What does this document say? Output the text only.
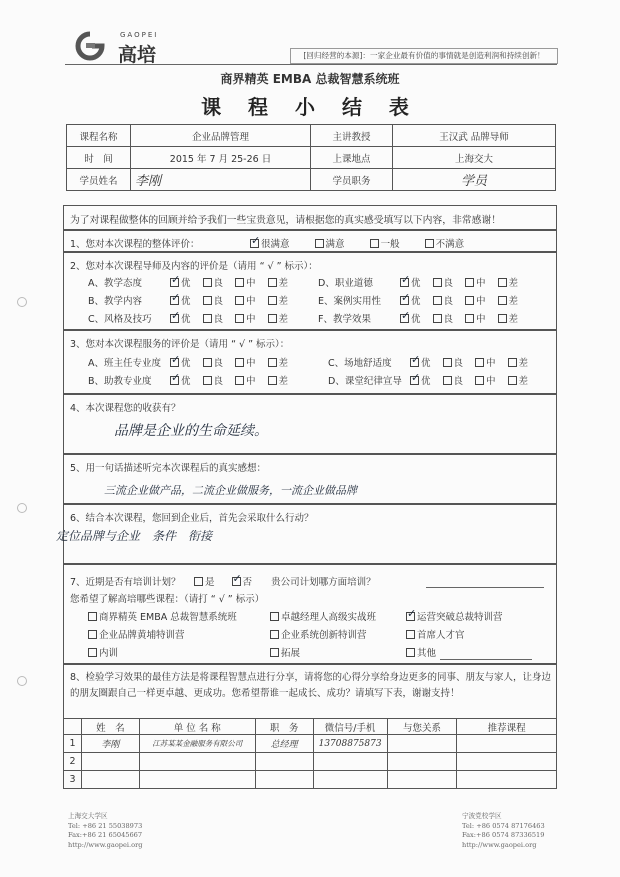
GAOPEI
高培	[回归经营的本源]：一家企业最有价值的事情就是创造利润和持续创新！
商界精英 EMBA 总裁智慧系统班
课 程 小 结 表
课程名称	企业品牌管理	主讲教授	王汉武 品牌导师
时　间	2015 年 7 月 25-26 日	上课地点	上海交大
学员姓名	李刚	学员职务	学员
为了对课程做整体的回顾并给予我们一些宝贵意见，请根据您的真实感受填写以下内容，非常感谢！
1、您对本次课程的整体评价： ✓	很满意	满意	一般	不满意
2、您对本次课程导师及内容的评价是（请用 “ √ ” 标示）：
A、教学态度 ✓	优 良 中 差	D、职业道德 ✓	优 良 中 差
B、教学内容 ✓	优 良 中 差	E、案例实用性 ✓	优 良 中 差
C、风格及技巧 ✓	优 良 中 差	F、教学效果 ✓	优 良 中 差
3、您对本次课程服务的评价是（请用 “ √ ” 标示）：
A、班主任专业度 ✓ 优 良 中 差	C、场地舒适度 ✓	优 良 中 差
B、助教专业度 ✓	优 良 中 差	D、课堂纪律宣导 ✓ 优 良 中 差
4、本次课程您的收获有？
品牌是企业的生命延续。
5、用一句话描述听完本次课程后的真实感想：
三流企业做产品，二流企业做服务，一流企业做品牌
6、结合本次课程，您回到企业后，首先会采取什么行动？
定位品牌与企业　条件　衔接
7、近期是否有培训计划？	是 ✓	否 贵公司计划哪方面培训？
您希望了解高培哪些课程：（请打 “ √ ” 标示）
商界精英 EMBA 总裁智慧系统班	卓越经理人高级实战班 ✓	运营突破总裁特训营
企业品牌黄埔特训营	企业系统创新特训营	首席人才官
内训	拓展	其他
8、检验学习效果的最佳方法是将课程智慧点进行分享，请将您的心得分享给身边更多的同事、朋友与家人，让身边的朋友圈跟自己一样更卓越、更成功。您希望帮谁一起成长、成功？请填写下表，谢谢支持！
	姓　名	单 位 名 称	职　务	微信号/手机	与您关系	推荐课程
1	李刚	江苏某某金融服务有限公司	总经理	13708875873		
2						
3						
上海交大学区
Tel: +86 21 55038973
Fax:+86 21 65045667
http://www.gaopei.org
宁波党校学区
Tel: +86 0574 87176463
Fax:+86 0574 87336519
http://www.gaopei.org
